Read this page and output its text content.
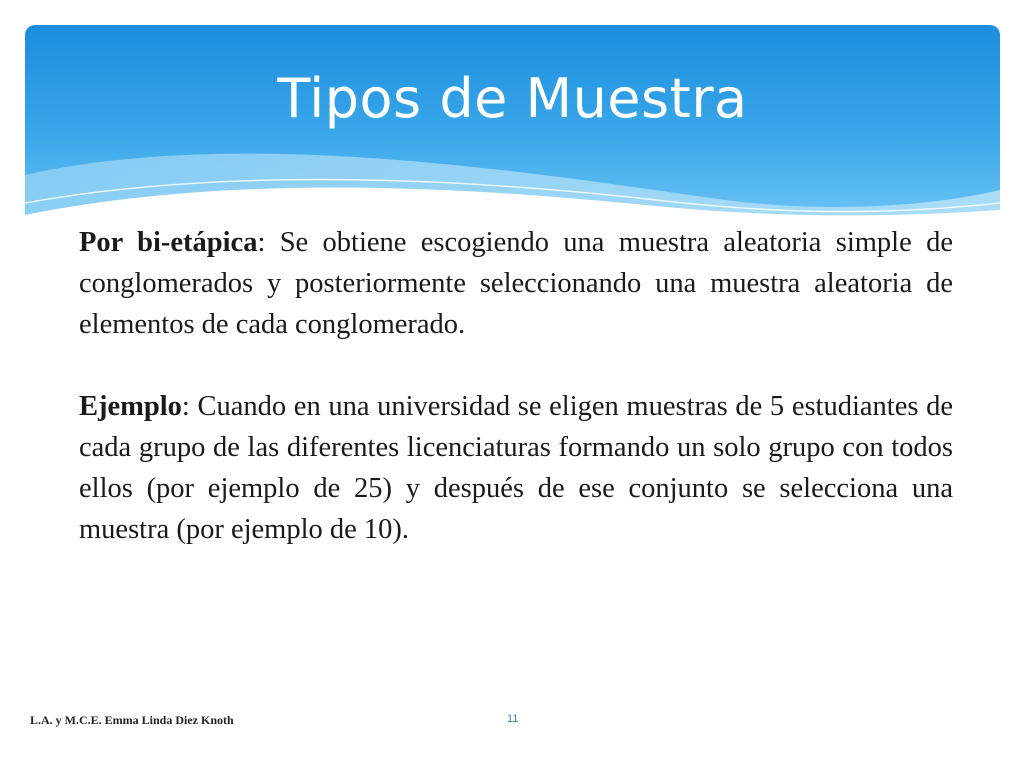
Tipos de Muestra

Por bi-etápica: Se obtiene escogiendo una muestra aleatoria simple de conglomerados y posteriormente seleccionando una muestra aleatoria de elementos de cada conglomerado.

Ejemplo: Cuando en una universidad se eligen muestras de 5 estudiantes de cada grupo de las diferentes licenciaturas formando un solo grupo con todos ellos (por ejemplo de 25) y después de ese conjunto se selecciona una muestra (por ejemplo de 10).

L.A. y M.C.E. Emma Linda Diez Knoth	11
